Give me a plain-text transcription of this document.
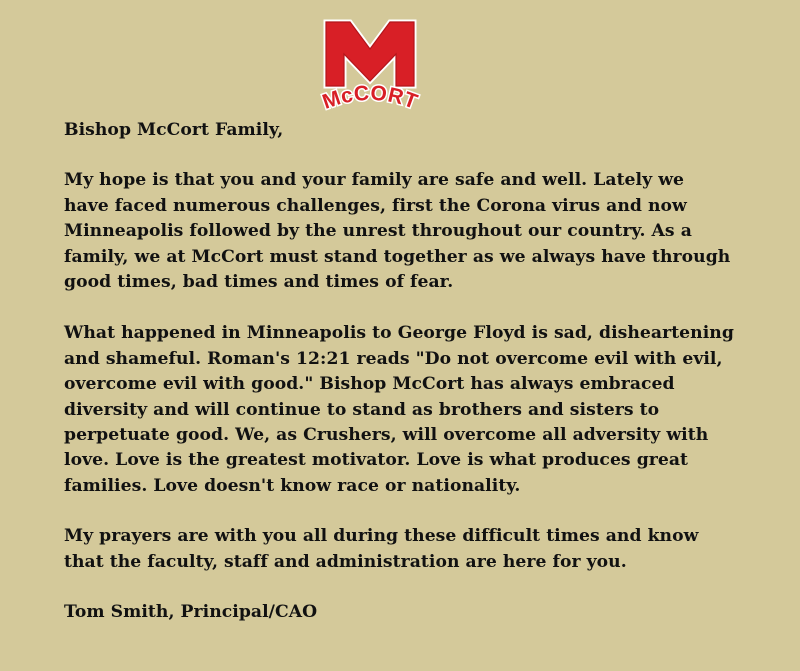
McCORT

Bishop McCort Family,

My hope is that you and your family are safe and well. Lately we
have faced numerous challenges, first the Corona virus and now
Minneapolis followed by the unrest throughout our country. As a
family, we at McCort must stand together as we always have through
good times, bad times and times of fear.

What happened in Minneapolis to George Floyd is sad, disheartening
and shameful. Roman's 12:21 reads "Do not overcome evil with evil,
overcome evil with good." Bishop McCort has always embraced
diversity and will continue to stand as brothers and sisters to
perpetuate good. We, as Crushers, will overcome all adversity with
love. Love is the greatest motivator. Love is what produces great
families. Love doesn't know race or nationality.

My prayers are with you all during these difficult times and know
that the faculty, staff and administration are here for you.

Tom Smith, Principal/CAO
